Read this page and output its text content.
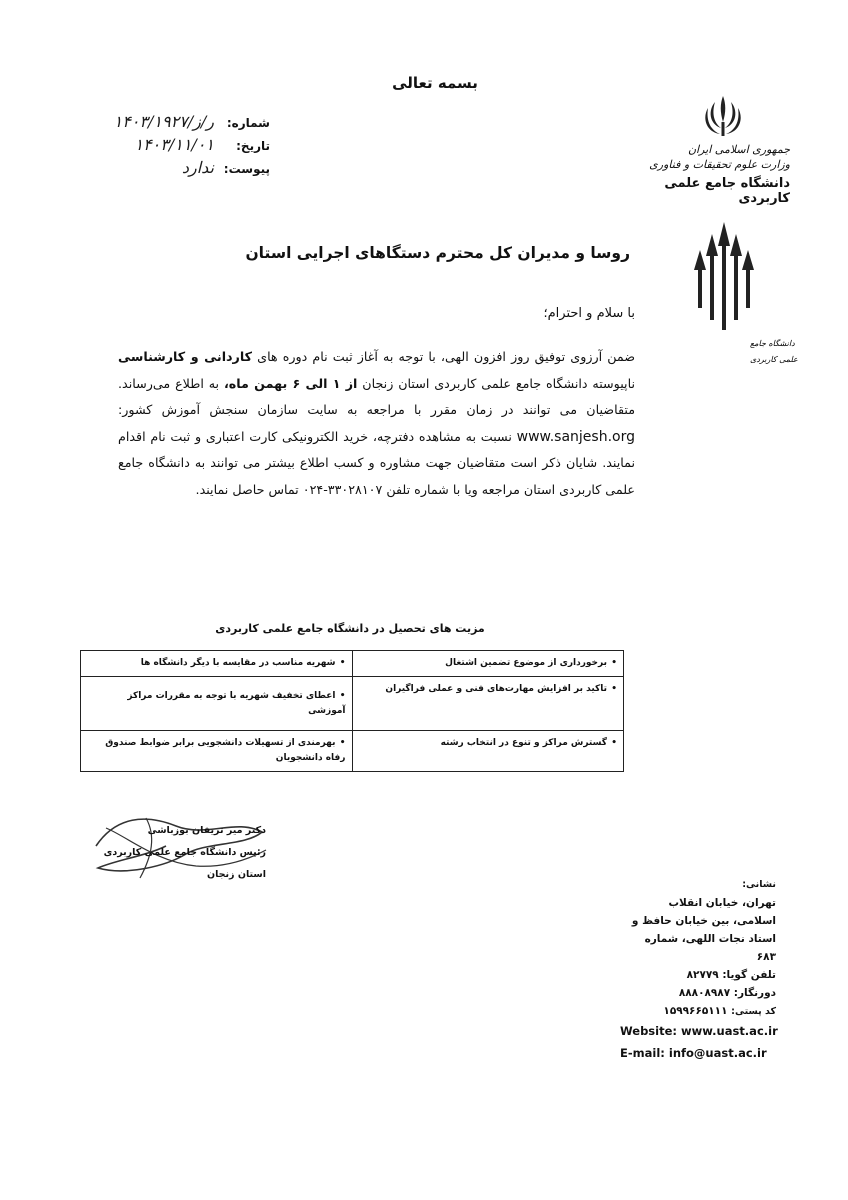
بسمه تعالی
شماره:
۱۴۰۳/۱۹۲۷/ر/ز
تاریخ:
۱۴۰۳/۱۱/۰۱
پیوست:
ندارد
جمهوری اسلامی ایران
وزارت علوم تحقیقات و فناوری
دانشگاه جامع علمی کاربردی
دانشگاه جامع
علمی کاربردی
روسا و مدیران کل محترم دستگاهای اجرایی استان
با سلام و احترام؛
ضمن آرزوی توفیق روز افزون الهی، با توجه به آغاز ثبت نام دوره های کاردانی و کارشناسی ناپیوسته دانشگاه جامع علمی کاربردی استان زنجان از ۱ الی ۶ بهمن ماه، به اطلاع می‌رساند. متقاضیان می توانند در زمان مقرر با مراجعه به سایت سازمان سنجش آموزش کشور: www.sanjesh.org نسبت به مشاهده دفترچه، خرید الکترونیکی کارت اعتباری و ثبت نام اقدام نمایند. شایان ذکر است متقاضیان جهت مشاوره و کسب اطلاع بیشتر می توانند به دانشگاه جامع علمی کاربردی استان مراجعه ویا با شماره تلفن ۰۲۴-۳۳۰۲۸۱۰۷ تماس حاصل نمایند.
مزیت های تحصیل در دانشگاه جامع علمی کاربردی
•برخورداری از موضوع تضمین اشتغال	•شهریه مناسب در مقایسه با دیگر دانشگاه ها
•تاکید بر افزایش مهارت‌های فنی و عملی فراگیران	•اعطای تخفیف شهریه با توجه به مقررات مراکز آموزشی
•گسترش مراکز و تنوع در انتخاب رشته	•بهرمندی از تسهیلات دانشجویی برابر ضوابط صندوق رفاه دانشجویان
دکتر میر تریفان بوزباشی
رئیس دانشگاه جامع علمی کاربردی
استان زنجان
نشانی:
تهران، خیابان انقلاب اسلامی، بین خیابان حافظ و استاد نجات اللهی، شماره ۶۸۳
تلفن گویا: ۸۲۷۷۹
دورنگار: ۸۸۸۰۸۹۸۷
کد پستی: ۱۵۹۹۶۶۵۱۱۱
Website: www.uast.ac.ir
E-mail: info@uast.ac.ir
